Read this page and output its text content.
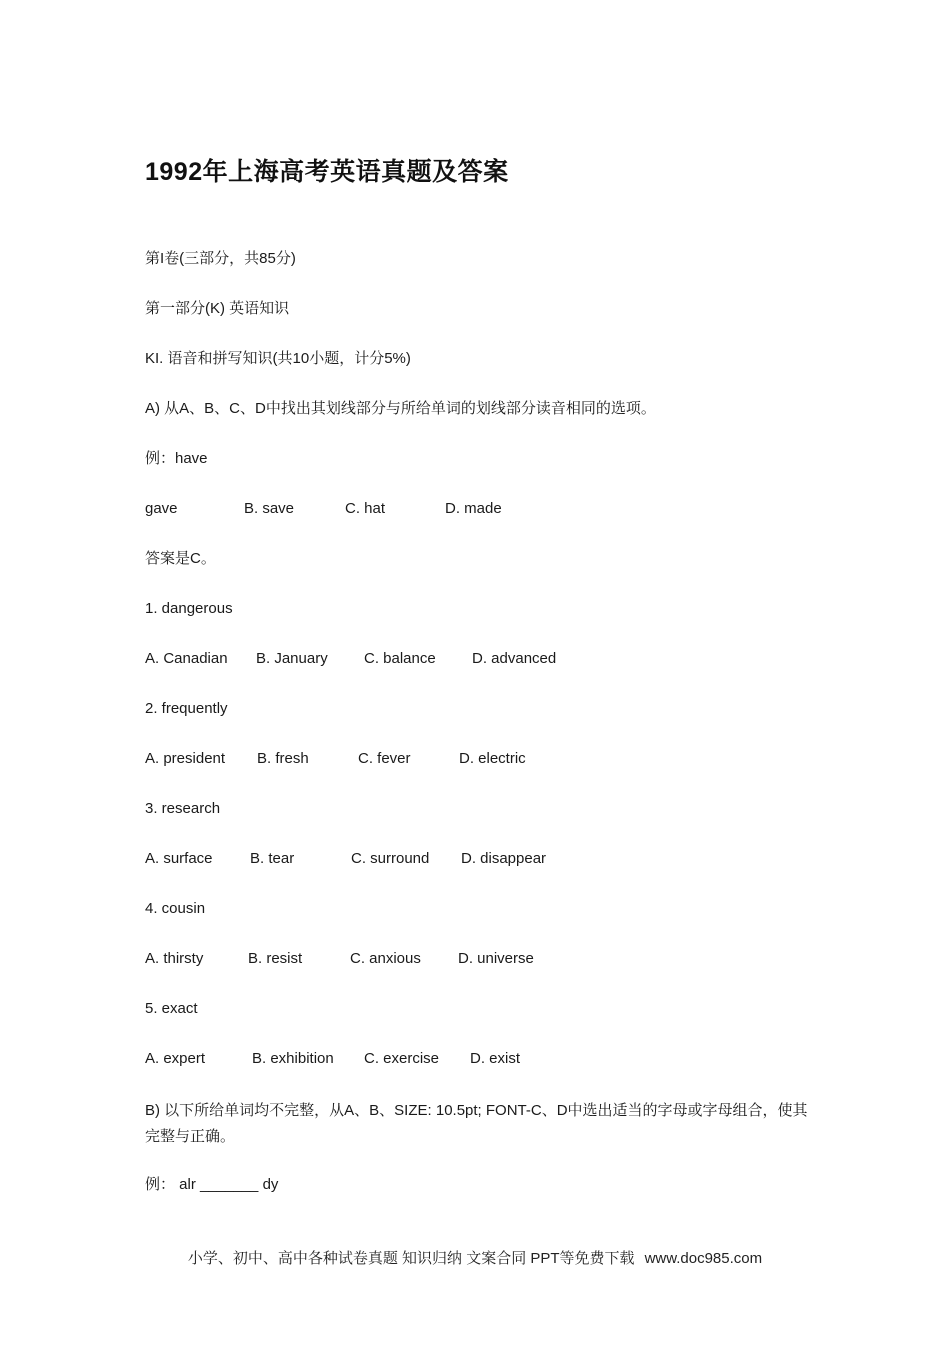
1992年上海高考英语真题及答案
第I卷(三部分，共85分)
第一部分(K) 英语知识
KI. 语音和拼写知识(共10小题，计分5%)
A) 从A、B、C、D中找出其划线部分与所给单词的划线部分读音相同的选项。
例：have
gave	B. save	C. hat	D. made
答案是C。
1. dangerous
A. Canadian B. January C. balance D. advanced
2. frequently
A. president B. fresh	C. fever	D. electric
3. research
A. surface B. tear	C. surround D. disappear
4. cousin
A. thirsty	B. resist	C. anxious D. universe
5. exact
A. expert	B. exhibition C. exercise D. exist
B) 以下所给单词均不完整，从A、B、SIZE: 10.5pt; FONT-C、D中选出适当的字母或字母组合，使其完整与正确。
例： alr _______ dy
小学、初中、高中各种试卷真题 知识归纳 文案合同 PPT等免费下载 www.doc985.com
